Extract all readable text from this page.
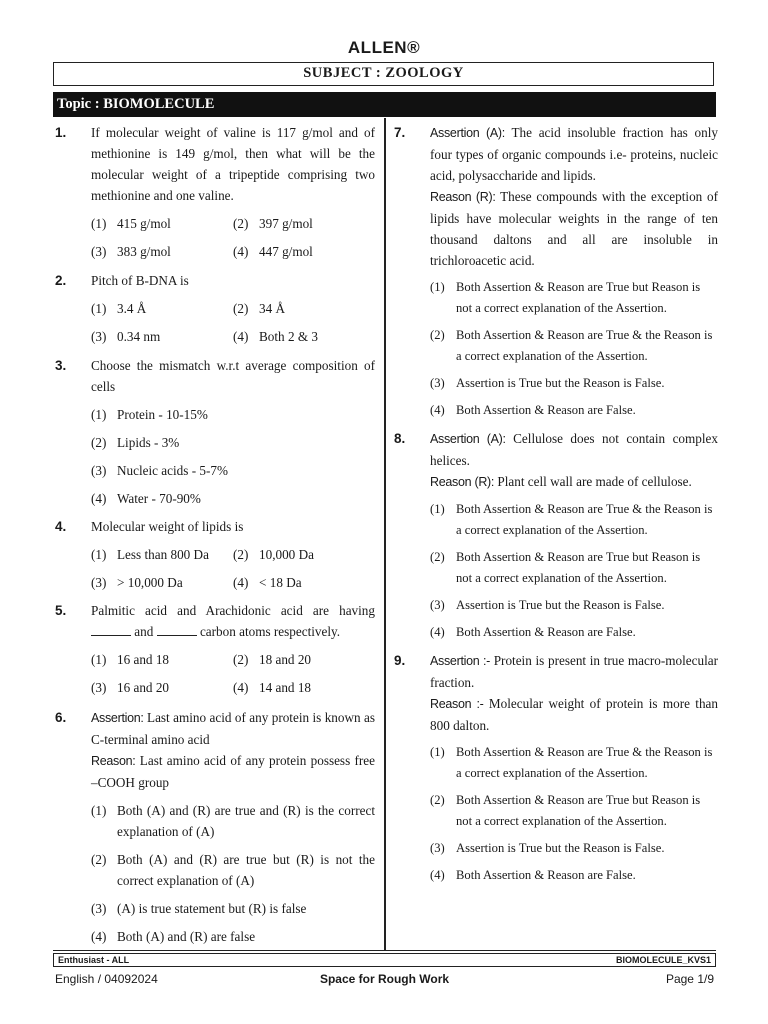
ALLEN®
SUBJECT : ZOOLOGY
Topic : BIOMOLECULE
1. If molecular weight of valine is 117 g/mol and of methionine is 149 g/mol, then what will be the molecular weight of a tripeptide comprising two methionine and one valine.
(1) 415 g/mol	(2) 397 g/mol
(3) 383 g/mol	(4) 447 g/mol
2. Pitch of B-DNA is
(1) 3.4 Å	(2) 34 Å
(3) 0.34 nm	(4) Both 2 & 3
3. Choose the mismatch w.r.t average composition of cells
(1) Protein - 10-15%
(2) Lipids - 3%
(3) Nucleic acids - 5-7%
(4) Water - 70-90%
4. Molecular weight of lipids is
(1) Less than 800 Da	(2) 10,000 Da
(3) > 10,000 Da	(4) < 18 Da
5. Palmitic acid and Arachidonic acid are having  and	carbon atoms respectively.
(1) 16 and 18	(2) 18 and 20
(3) 16 and 20	(4) 14 and 18
6. Assertion: Last amino acid of any protein is known as C-terminal amino acid
Reason: Last amino acid of any protein possess free –COOH group
(1) Both (A) and (R) are true and (R) is the correct explanation of (A)
(2) Both (A) and (R) are true but (R) is not the correct explanation of (A)
(3) (A) is true statement but (R) is false
(4) Both (A) and (R) are false
7. Assertion (A): The acid insoluble fraction has only four types of organic compounds i.e- proteins, nucleic acid, polysaccharide and lipids.
Reason (R): These compounds with the exception of lipids have molecular weights in the range of ten thousand daltons and all are insoluble in trichloroacetic acid.
(1) Both Assertion & Reason are True but Reason is not a correct explanation of the Assertion.
(2) Both Assertion & Reason are True & the Reason is a correct explanation of the Assertion.
(3) Assertion is True but the Reason is False.
(4) Both Assertion & Reason are False.
8. Assertion (A): Cellulose does not contain complex helices.
Reason (R): Plant cell wall are made of cellulose.
(1) Both Assertion & Reason are True & the Reason is a correct explanation of the Assertion.
(2) Both Assertion & Reason are True but Reason is not a correct explanation of the Assertion.
(3) Assertion is True but the Reason is False.
(4) Both Assertion & Reason are False.
9. Assertion :- Protein is present in true macro-molecular fraction.
Reason :- Molecular weight of protein is more than 800 dalton.
(1) Both Assertion & Reason are True & the Reason is a correct explanation of the Assertion.
(2) Both Assertion & Reason are True but Reason is not a correct explanation of the Assertion.
(3) Assertion is True but the Reason is False.
(4) Both Assertion & Reason are False.
Enthusiast - ALL	BIOMOLECULE_KVS1
Space for Rough Work
English / 04092024	Page 1/9
